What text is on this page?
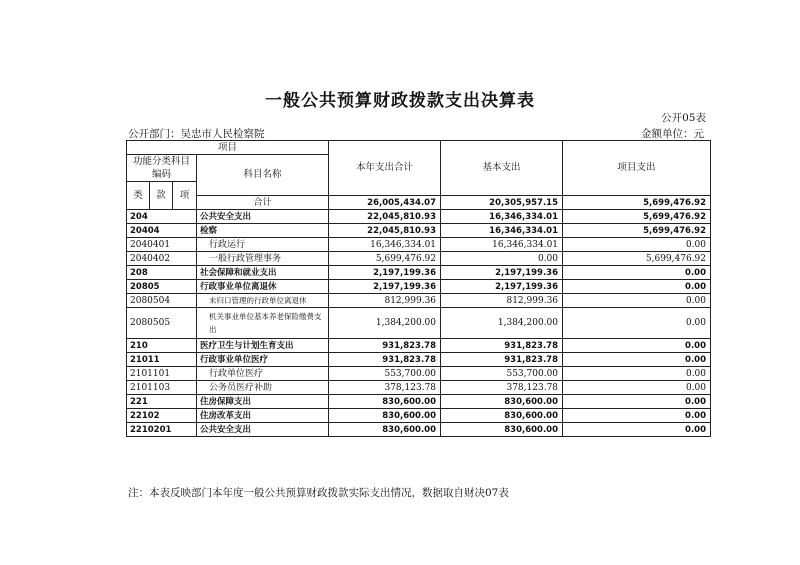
一般公共预算财政拨款支出决算表
公开05表
公开部门：吴忠市人民检察院	金额单位：元
项目				本年支出合计	基本支出	项目支出	
功能分类科目编码			科目名称				
类	款	项				
			合计	26,005,434.07	20,305,957.15	5,699,476.92	
204			公共安全支出	22,045,810.93	16,346,334.01	5,699,476.92	
20404			检察	22,045,810.93	16,346,334.01	5,699,476.92	
2040401			行政运行	16,346,334.01	16,346,334.01	0.00	
2040402			一般行政管理事务	5,699,476.92	0.00	5,699,476.92	
208			社会保障和就业支出	2,197,199.36	2,197,199.36	0.00	
20805			行政事业单位离退休	2,197,199.36	2,197,199.36	0.00	
2080504			未归口管理的行政单位离退休	812,999.36	812,999.36	0.00	
2080505			机关事业单位基本养老保险缴费支出	1,384,200.00	1,384,200.00	0.00	
210			医疗卫生与计划生育支出	931,823.78	931,823.78	0.00	
21011			行政事业单位医疗	931,823.78	931,823.78	0.00	
2101101			行政单位医疗	553,700.00	553,700.00	0.00	
2101103			公务员医疗补助	378,123.78	378,123.78	0.00	
221			住房保障支出	830,600.00	830,600.00	0.00	
22102			住房改革支出	830,600.00	830,600.00	0.00	
2210201			公共安全支出	830,600.00	830,600.00	0.00	
注：本表反映部门本年度一般公共预算财政拨款实际支出情况，数据取自财决07表
